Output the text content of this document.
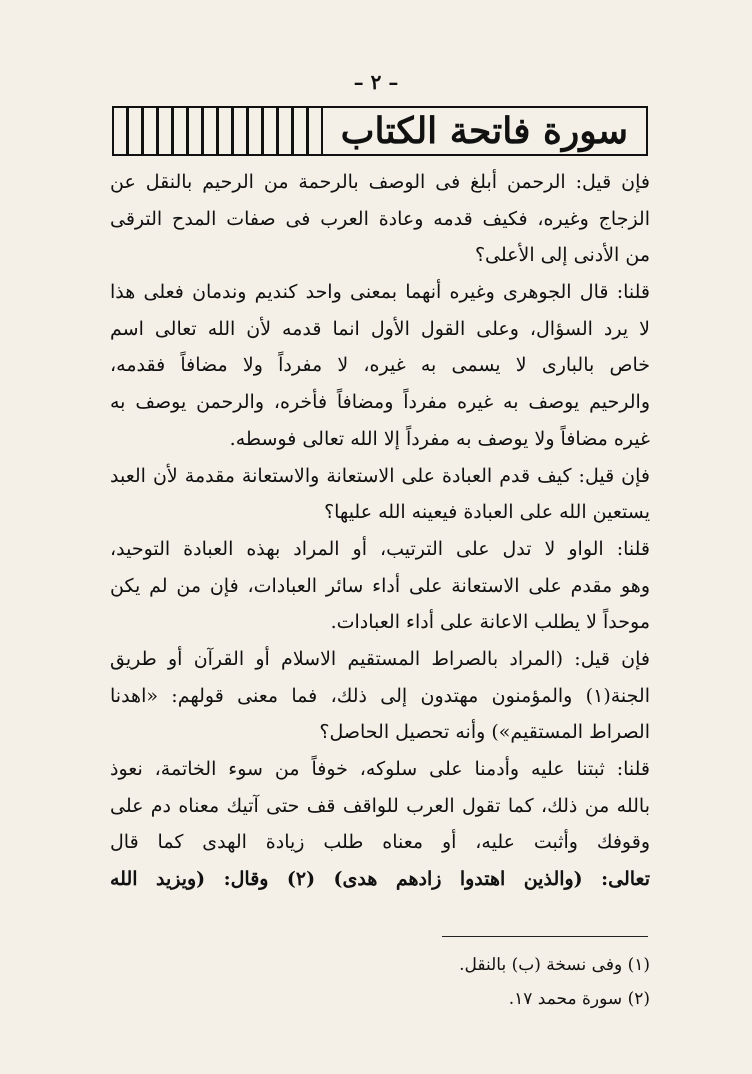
– ٢ –
سورة فاتحة الكتاب
فإن قيل: الرحمن أبلغ فى الوصف بالرحمة من الرحيم بالنقل عن
الزجاج وغيره، فكيف قدمه وعادة العرب فى صفات المدح الترقى
من الأدنى إلى الأعلى؟
قلنا: قال الجوهرى وغيره أنهما بمعنى واحد كنديم وندمان فعلى هذا
لا يرد السؤال، وعلى القول الأول انما قدمه لأن الله تعالى اسم
خاص بالبارى لا يسمى به غيره، لا مفرداً ولا مضافاً فقدمه،
والرحيم يوصف به غيره مفرداً ومضافاً فأخره، والرحمن يوصف به
غيره مضافاً ولا يوصف به مفرداً إلا الله تعالى فوسطه.
فإن قيل: كيف قدم العبادة على الاستعانة والاستعانة مقدمة لأن العبد
يستعين الله على العبادة فيعينه الله عليها؟
قلنا: الواو لا تدل على الترتيب، أو المراد بهذه العبادة التوحيد،
وهو مقدم على الاستعانة على أداء سائر العبادات، فإن من لم يكن
موحداً لا يطلب الاعانة على أداء العبادات.
فإن قيل: (المراد بالصراط المستقيم الاسلام أو القرآن أو طريق
الجنة(١) والمؤمنون مهتدون إلى ذلك، فما معنى قولهم: «اهدنا
الصراط المستقيم») وأنه تحصيل الحاصل؟
قلنا: ثبتنا عليه وأدمنا على سلوكه، خوفاً من سوء الخاتمة، نعوذ
بالله من ذلك، كما تقول العرب للواقف قف حتى آتيك معناه دم على
وقوفك وأثبت عليه، أو معناه طلب زيادة الهدى كما قال
تعالى: (والذين اهتدوا زادهم هدى) (٢) وقال: (ويزيد الله
(١) وفى نسخة (ب) بالنقل.
(٢) سورة محمد ١٧.
